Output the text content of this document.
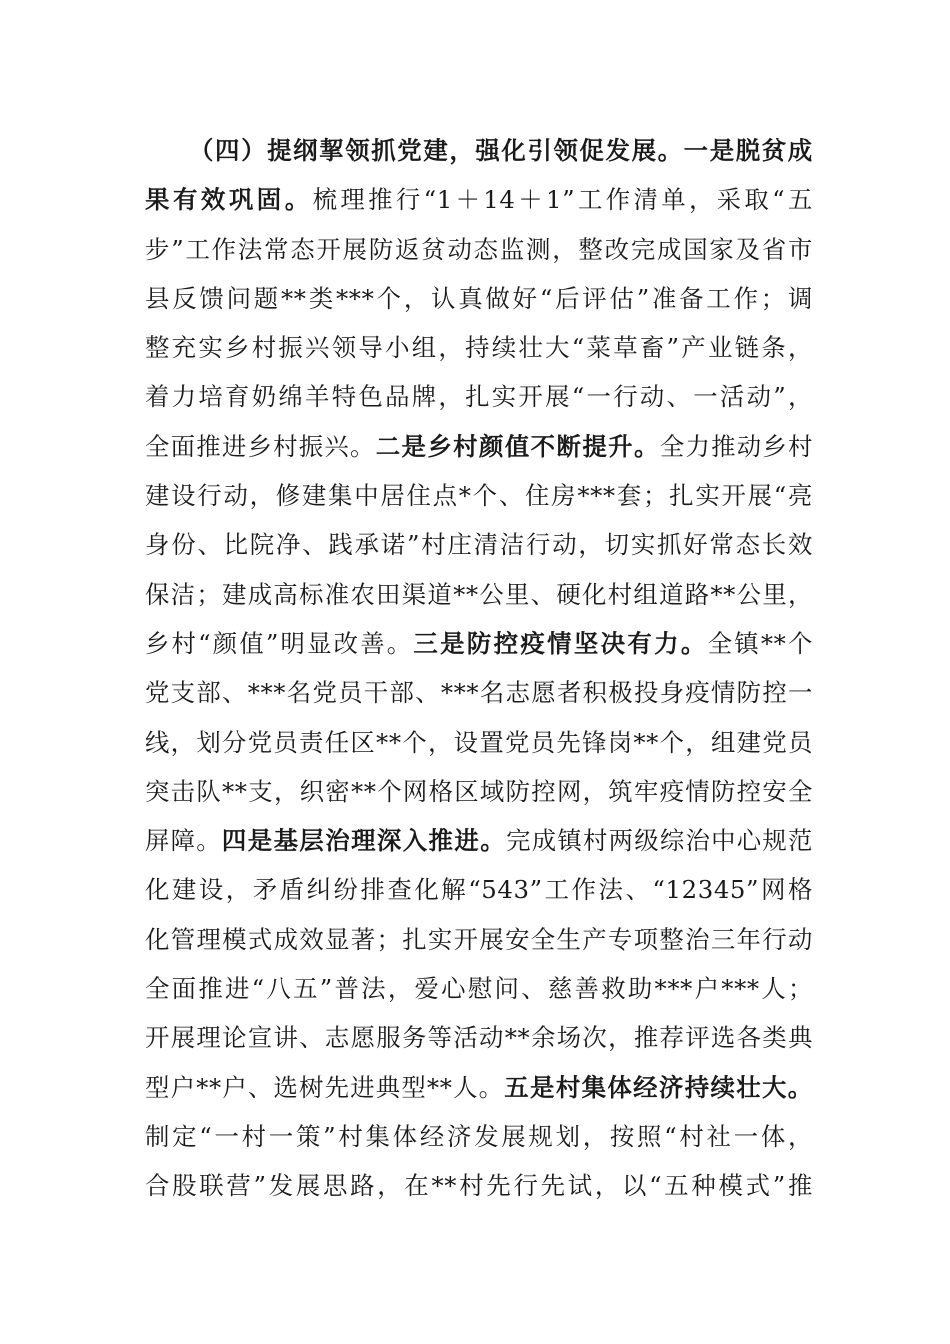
（四）提纲挈领抓党建，强化引领促发展。一是脱贫成
果有效巩固。梳理推行“1＋14＋1”工作清单，采取“五
步”工作法常态开展防返贫动态监测，整改完成国家及省市
县反馈问题**类***个，认真做好“后评估”准备工作；调
整充实乡村振兴领导小组，持续壮大“菜草畜”产业链条，
着力培育奶绵羊特色品牌，扎实开展“一行动、一活动”，
全面推进乡村振兴。二是乡村颜值不断提升。全力推动乡村
建设行动，修建集中居住点*个、住房***套；扎实开展“亮
身份、比院净、践承诺”村庄清洁行动，切实抓好常态长效
保洁；建成高标准农田渠道**公里、硬化村组道路**公里，
乡村“颜值”明显改善。三是防控疫情坚决有力。全镇**个
党支部、***名党员干部、***名志愿者积极投身疫情防控一
线，划分党员责任区**个，设置党员先锋岗**个，组建党员
突击队**支，织密**个网格区域防控网，筑牢疫情防控安全
屏障。四是基层治理深入推进。完成镇村两级综治中心规范
化建设，矛盾纠纷排查化解“543”工作法、“12345”网格
化管理模式成效显著；扎实开展安全生产专项整治三年行动
全面推进“八五”普法，爱心慰问、慈善救助***户***人；
开展理论宣讲、志愿服务等活动**余场次，推荐评选各类典
型户**户、选树先进典型**人。五是村集体经济持续壮大。
制定“一村一策”村集体经济发展规划，按照“村社一体，
合股联营”发展思路，在**村先行先试，以“五种模式”推
